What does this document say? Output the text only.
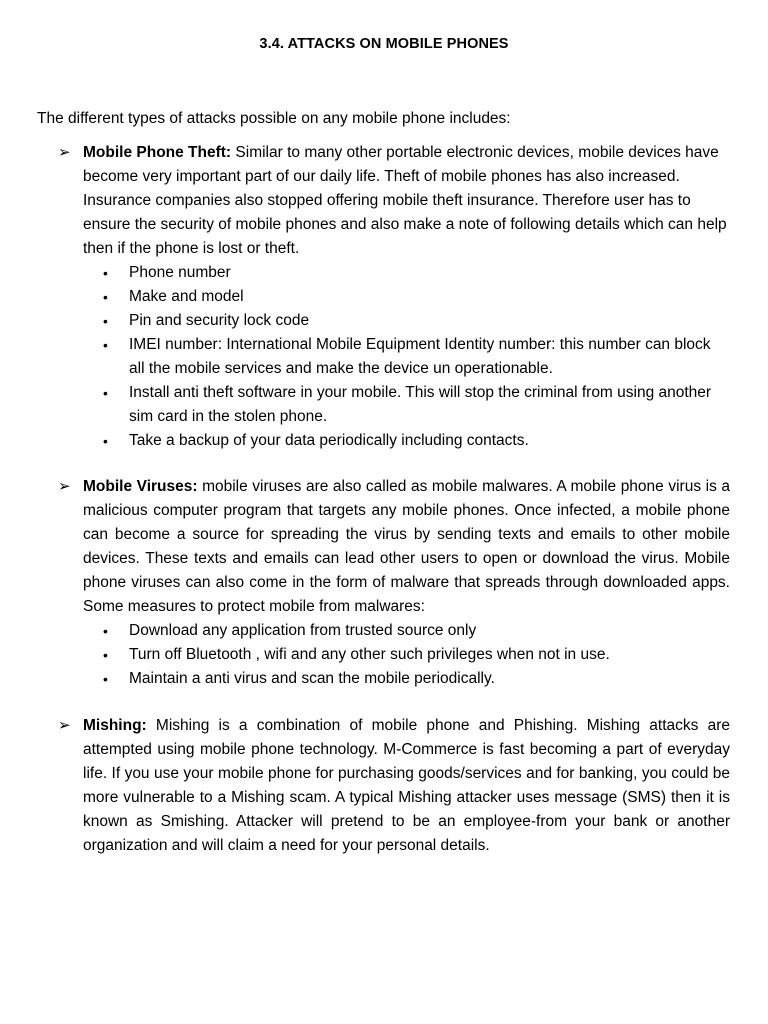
3.4. ATTACKS ON MOBILE PHONES
The different types of attacks possible on any mobile phone includes:
➢ Mobile Phone Theft: Similar to many other portable electronic devices, mobile devices have become very important part of our daily life. Theft of mobile phones has also increased. Insurance companies also stopped offering mobile theft insurance. Therefore user has to ensure the security of mobile phones and also make a note of following details which can help then if the phone is lost or theft.
• Phone number
• Make and model
• Pin and security lock code
• IMEI number: International Mobile Equipment Identity number: this number can block all the mobile services and make the device un operationable.
• Install anti theft software in your mobile. This will stop the criminal from using another sim card in the stolen phone.
• Take a backup of your data periodically including contacts.
➢ Mobile Viruses: mobile viruses are also called as mobile malwares. A mobile phone virus is a malicious computer program that targets any mobile phones. Once infected, a mobile phone can become a source for spreading the virus by sending texts and emails to other mobile devices. These texts and emails can lead other users to open or download the virus. Mobile phone viruses can also come in the form of malware that spreads through downloaded apps. Some measures to protect mobile from malwares:
• Download any application from trusted source only
• Turn off Bluetooth , wifi and any other such privileges when not in use.
• Maintain a anti virus and scan the mobile periodically.
➢ Mishing: Mishing is a combination of mobile phone and Phishing. Mishing attacks are attempted using mobile phone technology. M-Commerce is fast becoming a part of everyday life. If you use your mobile phone for purchasing goods/services and for banking, you could be more vulnerable to a Mishing scam. A typical Mishing attacker uses message (SMS) then it is known as Smishing. Attacker will pretend to be an employee-from your bank or another organization and will claim a need for your personal details.
